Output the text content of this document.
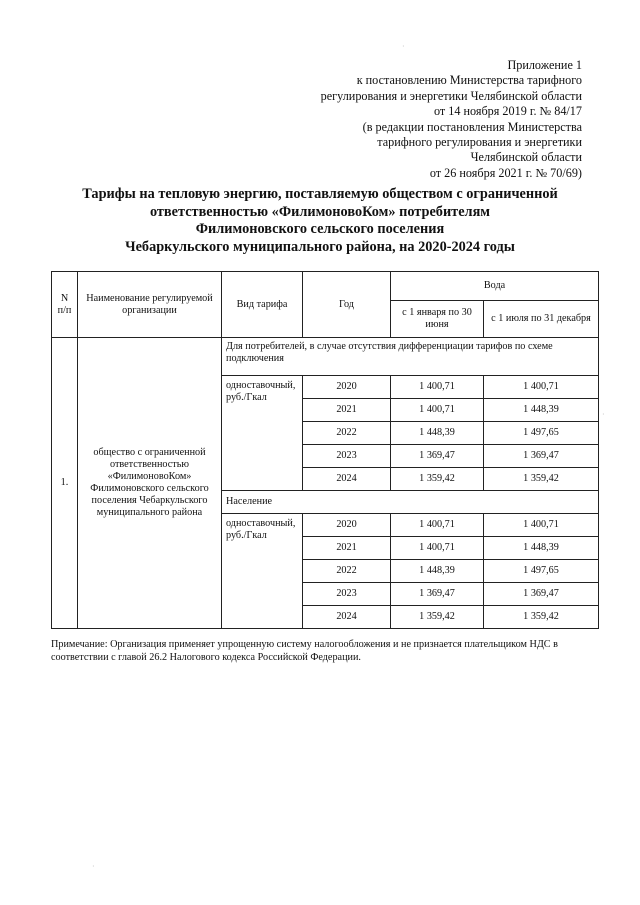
Приложение 1
к постановлению Министерства тарифного
регулирования и энергетики Челябинской области
от 14 ноября 2019 г. № 84/17
(в редакции постановления Министерства
тарифного регулирования и энергетики
Челябинской области
от 26 ноября 2021 г. № 70/69)
Тарифы на тепловую энергию, поставляемую обществом с ограниченной
ответственностью «ФилимоновоКом» потребителям
Филимоновского сельского поселения
Чебаркульского муниципального района, на 2020-2024 годы
N п/п	Наименование регулируемой организации	Вид тарифа	Год	Вода	
				с 1 января по 30 июня	с 1 июля по 31 декабря
1.	общество с ограниченной ответственностью «ФилимоновоКом» Филимоновского сельского поселения Чебаркульского муниципального района	Для потребителей, в случае отсутствия дифференциации тарифов по схеме подключения			
		одноставочный, руб./Гкал	2020	1 400,71	1 400,71
			2021	1 400,71	1 448,39
			2022	1 448,39	1 497,65
			2023	1 369,47	1 369,47
			2024	1 359,42	1 359,42
		Население			
		одноставочный, руб./Гкал	2020	1 400,71	1 400,71
			2021	1 400,71	1 448,39
			2022	1 448,39	1 497,65
			2023	1 369,47	1 369,47
			2024	1 359,42	1 359,42
Примечание: Организация применяет упрощенную систему налогообложения и не признается плательщиком НДС в соответствии с главой 26.2 Налогового кодекса Российской Федерации.
·
·
·
